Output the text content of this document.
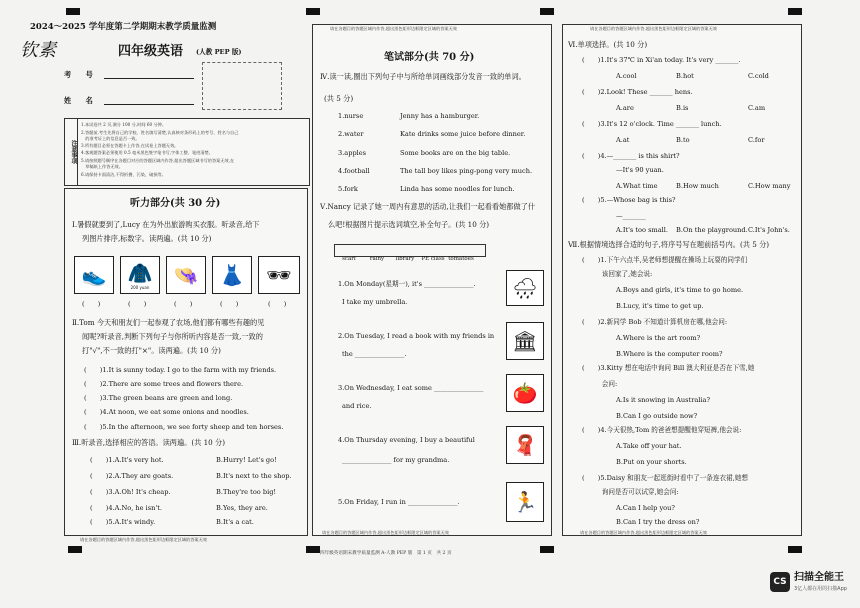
2024～2025 学年度第二学期期末教学质量监测
钦素	四年级英语 (人教 PEP 版)
考　　号
姓　　名
注意事项
1.本试卷共 2 页,满分 100 分,时间 60 分钟。
2.答题前,考生先将自己的学校、姓名填写清楚,认真核对条形码上的考号、姓名与自己
　的准考证上的信息是否一致。
3.所有题目必须在答题卡上作答,在试卷上答题无效。
4.客观题答案必须使用 0.5 毫米黑色签字笔书写,字体工整、笔迹清楚。
5.请按照题号顺序在各题目对应的答题区域内作答,超出答题区域书写的答案无效,在
　草稿纸上作答无效。
6.请保持卡面清洁,不得折叠、污染、破损等。
听力部分(共 30 分)
Ⅰ.暑假就要到了,Lucy 在为外出旅游购买衣服。听录音,给下
列图片排序,标数字。读两遍。(共 10 分)
👟	🧥
200 yuan	👒	👗	🕶
(　　)	(　　)	(　　)	(　　)	(　　)
Ⅱ.Tom 今天和朋友们一起参观了农场,他们都有哪些有趣的见
闻呢?听录音,判断下列句子与你所听内容是否一致,一致的
打"√",不一致的打"×"。读两遍。(共 10 分)
(　　)1.It is sunny today. I go to the farm with my friends.
(　　)2.There are some trees and flowers there.
(　　)3.The green beans are green and long.
(　　)4.At noon, we eat some onions and noodles.
(　　)5.In the afternoon, we see forty sheep and ten horses.
Ⅲ.听录音,选择相应的答语。读两遍。(共 10 分)
(　　)1.A.It's very hot.	B.Hurry! Let's go!
(　　)2.A.They are goats.	B.It's next to the shop.
(　　)3.A.Oh! It's cheap.	B.They're too big!
(　　)4.A.No, he isn't.	B.Yes, they are.
(　　)5.A.It's windy.	B.It's a cat.
请在各题目的答题区域内作答,超出黑色矩形边框限定区域的答案无效
请在各题目的答题区域内作答,超出黑色矩形边框限定区域的答案无效
笔试部分(共 70 分)
Ⅳ.读一读,圈出下列句子中与所给单词画线部分发音一致的单词。
(共 5 分)
1.nurse	Jenny has a hamburger.
2.water	Kate drinks some juice before dinner.
3.apples	Some books are on the big table.
4.football	The tall boy likes ping-pong very much.
5.fork	Linda has some noodles for lunch.
Ⅴ.Nancy 记录了她一周内有意思的活动,让我们一起看看她都做了什
么吧!根据图片提示选词填空,补全句子。(共 10 分)
scarf	rainy library PE class tomatoes
1.On Monday(星期一), it's _______________.
I take my umbrella.
🌧
2.On Tuesday, I read a book with my friends in
the _______________.
🏛
3.On Wednesday, I eat some _______________
and rice.
🍅
4.On Thursday evening, I buy a beautiful
_______________ for my grandma.
🧣
5.On Friday, I run in _______________.	🏃
请在各题目的答题区域内作答,超出黑色矩形边框限定区域的答案无效
请在各题目的答题区域内作答,超出黑色矩形边框限定区域的答案无效
Ⅵ.单项选择。(共 10 分)
(　　)1.It's 37℃ in Xi'an today. It's very _______.
A.cool	B.hot	C.cold
(　　)2.Look! These _______ hens.
A.are	B.is	C.am
(　　)3.It's 12 o'clock. Time _______ lunch.
A.at	B.to	C.for
(　　)4.—_______ is this shirt?
—It's 90 yuan.
A.What time	B.How much	C.How many
(　　)5.—Whose bag is this?
—_______
A.It's too small. B.On the playground. C.It's John's.
Ⅶ.根据情境选择合适的句子,将序号写在题前括号内。(共 5 分)
(　　)1.下午六点半,吴老师想提醒在操场上玩耍的同学们
　　　该回家了,她会说:
A.Boys and girls, it's time to go home.
B.Lucy, it's time to get up.
(　　)2.新同学 Bob 不知道计算机房在哪,他会问:
A.Where is the art room?
B.Where is the computer room?
(　　)3.Kitty 想在电话中询问 Bill 澳大利亚是否在下雪,她
　　　会问:
A.Is it snowing in Australia?
B.Can I go outside now?
(　　)4.今天很热,Tom 的爸爸想提醒他穿短裤,他会说:
A.Take off your hat.
B.Put on your shorts.
(　　)5.Daisy 和朋友一起逛街时看中了一条连衣裙,她想
　　　询问是否可以试穿,她会问:
A.Can I help you?
B.Can I try the dress on?
请在各题目的答题区域内作答,超出黑色矩形边框限定区域的答案无效
四年级英语期末教学质量监测 A-人教 PEP 版　第 1 页　共 2 页
CS 扫描全能王
3亿人都在用的扫描App
